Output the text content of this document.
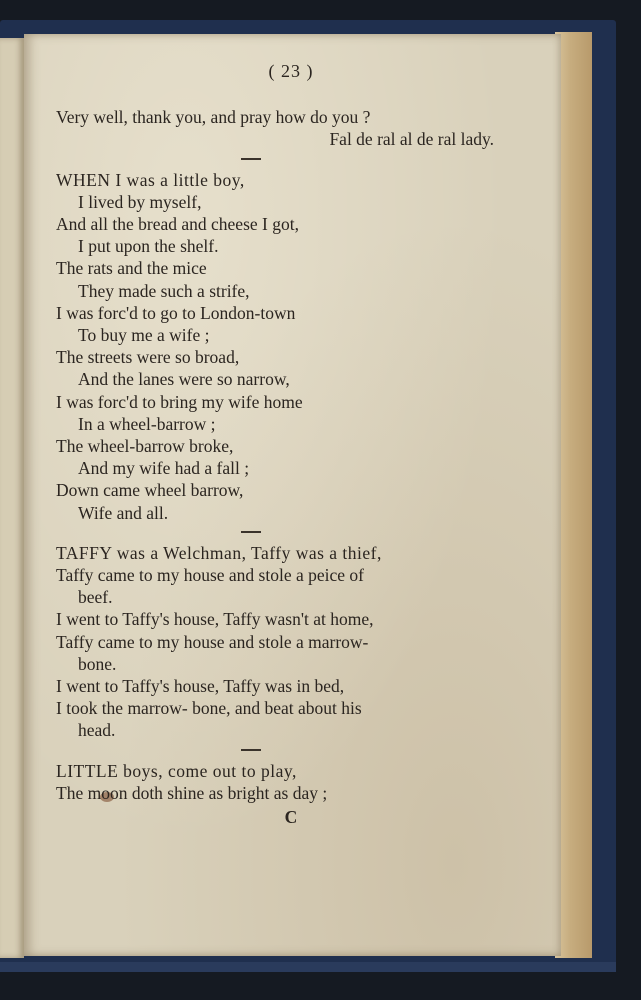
( 23 )
Very well, thank you, and pray how do you ?
Fal de ral al de ral lady.
WHEN I was a little boy,
I lived by myself,
And all the bread and cheese I got,
I put upon the shelf.
The rats and the mice
They made such a strife,
I was forc'd to go to London-town
To buy me a wife ;
The streets were so broad,
And the lanes were so narrow,
I was forc'd to bring my wife home
In a wheel-barrow ;
The wheel-barrow broke,
And my wife had a fall ;
Down came wheel barrow,
Wife and all.
TAFFY was a Welchman, Taffy was a thief,
Taffy came to my house and stole a peice of
beef.
I went to Taffy's house, Taffy wasn't at home,
Taffy came to my house and stole a marrow-
bone.
I went to Taffy's house, Taffy was in bed,
I took the marrow- bone, and beat about his
head.
LITTLE boys, come out to play,
The moon doth shine as bright as day ;
C
